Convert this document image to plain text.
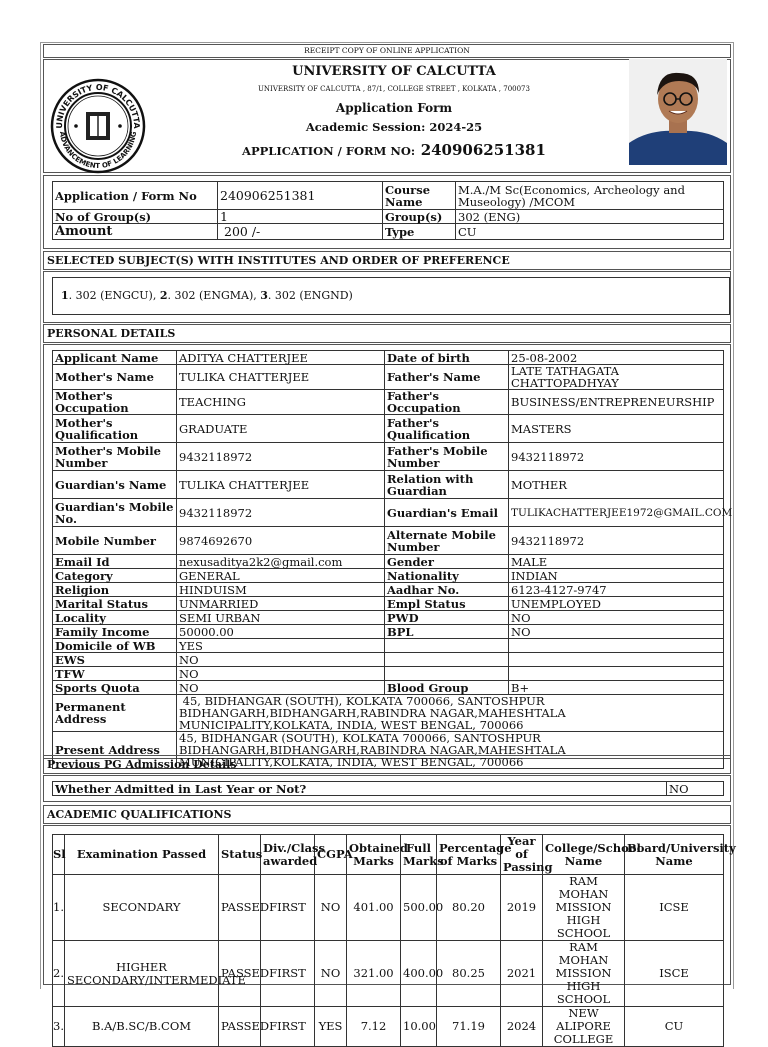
RECEIPT COPY OF ONLINE APPLICATION
UNIVERSITY OF CALCUTTA
ADVANCEMENT OF LEARNING
UNIVERSITY OF CALCUTTA
UNIVERSITY OF CALCUTTA , 87/1, COLLEGE STREET , KOLKATA , 700073
Application Form
Academic Session: 2024-25
APPLICATION / FORM NO: 240906251381
Application / Form No	240906251381	Course Name	M.A./M Sc(Economics, Archeology and Museology) /MCOM
No of Group(s)	1	Group(s)	302 (ENG)
Amount	200 /-	Type	CU
SELECTED SUBJECT(S) WITH INSTITUTES AND ORDER OF PREFERENCE
1. 302 (ENGCU), 2. 302 (ENGMA), 3. 302 (ENGND)
PERSONAL DETAILS
Applicant Name	ADITYA CHATTERJEE	Date of birth	25-08-2002
Mother's Name	TULIKA CHATTERJEE	Father's Name	LATE TATHAGATA CHATTOPADHYAY
Mother's Occupation	TEACHING	Father's Occupation	BUSINESS/ENTREPRENEURSHIP
Mother's Qualification	GRADUATE	Father's Qualification	MASTERS
Mother's Mobile Number	9432118972	Father's Mobile Number	9432118972
Guardian's Name	TULIKA CHATTERJEE	Relation with Guardian	MOTHER
Guardian's Mobile No.	9432118972	Guardian's Email	TULIKACHATTERJEE1972@GMAIL.COM
Mobile Number	9874692670	Alternate Mobile Number	9432118972
Email Id	nexusaditya2k2@gmail.com	Gender	MALE
Category	GENERAL	Nationality	INDIAN
Religion	HINDUISM	Aadhar No.	6123-4127-9747
Marital Status	UNMARRIED	Empl Status	UNEMPLOYED
Locality	SEMI URBAN	PWD	NO
Family Income	50000.00	BPL	NO
Domicile of WB	YES		
EWS	NO		
TFW	NO		
Sports Quota	NO	Blood Group	B+
Permanent Address	45, BIDHANGAR (SOUTH), KOLKATA 700066, SANTOSHPUR BIDHANGARH,BIDHANGARH,RABINDRA NAGAR,MAHESHTALA MUNICIPALITY,KOLKATA, INDIA, WEST BENGAL, 700066		
Present Address	45, BIDHANGAR (SOUTH), KOLKATA 700066, SANTOSHPUR BIDHANGARH,BIDHANGARH,RABINDRA NAGAR,MAHESHTALA MUNICIPALITY,KOLKATA, INDIA, WEST BENGAL, 700066		
Previous PG Admission Details
Whether Admitted in Last Year or Not?	NO
ACADEMIC QUALIFICATIONS
Sl	Examination Passed	Status	Div./Class awarded	CGPA	Obtained Marks	Full Marks	Percentage of Marks	Year of Passing	College/School Name	Board/University Name
1.	SECONDARY	PASSED	FIRST	NO	401.00	500.00	80.20	2019	RAM MOHAN MISSION HIGH SCHOOL	ICSE
2.	HIGHER SECONDARY/INTERMEDIATE	PASSED	FIRST	NO	321.00	400.00	80.25	2021	RAM MOHAN MISSION HIGH SCHOOL	ISCE
3.	B.A/B.SC/B.COM	PASSED	FIRST	YES	7.12	10.00	71.19	2024	NEW ALIPORE COLLEGE	CU
